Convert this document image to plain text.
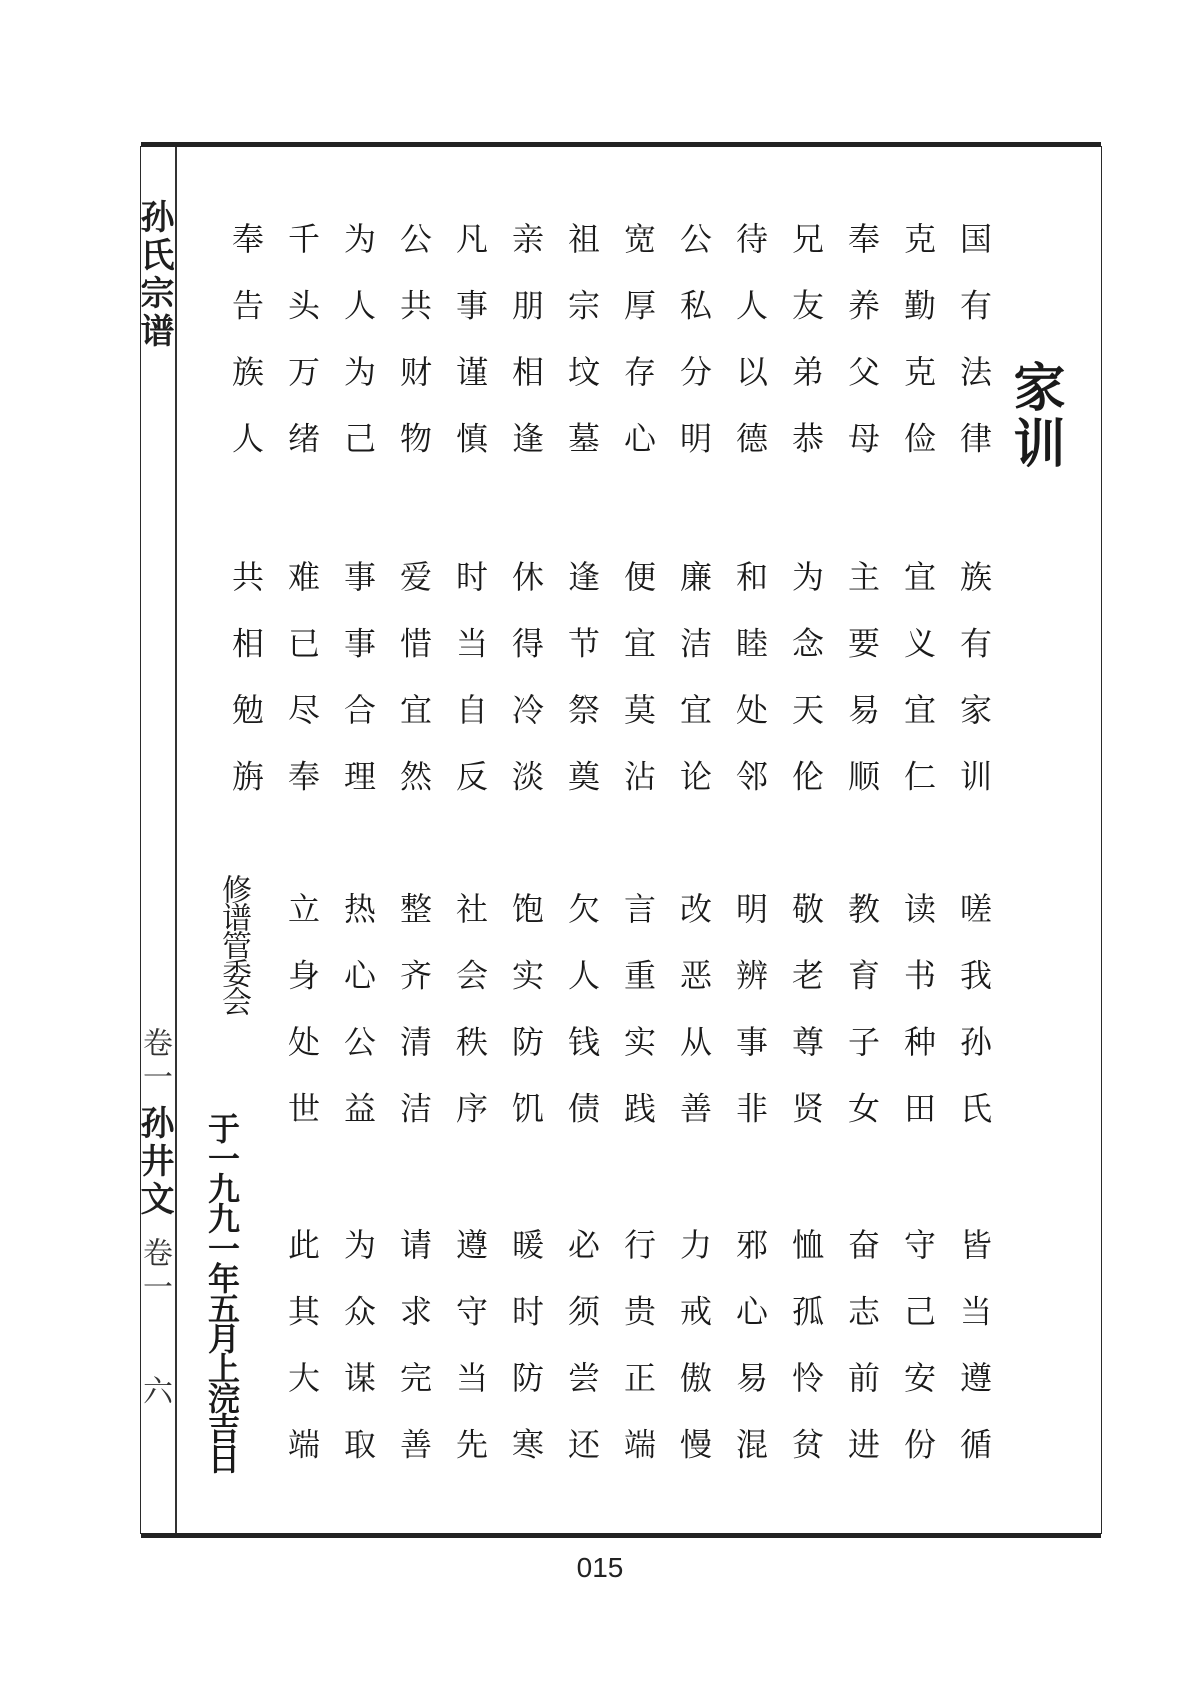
孙氏宗谱
卷一
孙井文
卷一
六
家训
国有法律
族有家训
嗟我孙氏
皆当遵循
克勤克俭
宜义宜仁
读书种田
守己安份
奉养父母
主要易顺
教育子女
奋志前进
兄友弟恭
为念天伦
敬老尊贤
恤孤怜贫
待人以德
和睦处邻
明辨事非
邪心易混
公私分明
廉洁宜论
改恶从善
力戒傲慢
宽厚存心
便宜莫沾
言重实践
行贵正端
祖宗坟墓
逢节祭奠
欠人钱债
必须尝还
亲朋相逢
休得冷淡
饱实防饥
暖时防寒
凡事谨慎
时当自反
社会秩序
遵守当先
公共财物
爱惜宜然
整齐清洁
请求完善
为人为己
事事合理
热心公益
为众谋取
千头万绪
难已尽奉
立身处世
此其大端
奉告族人
共相勉旃
修谱管委会
于一九九一年五月上浣吉日
015
